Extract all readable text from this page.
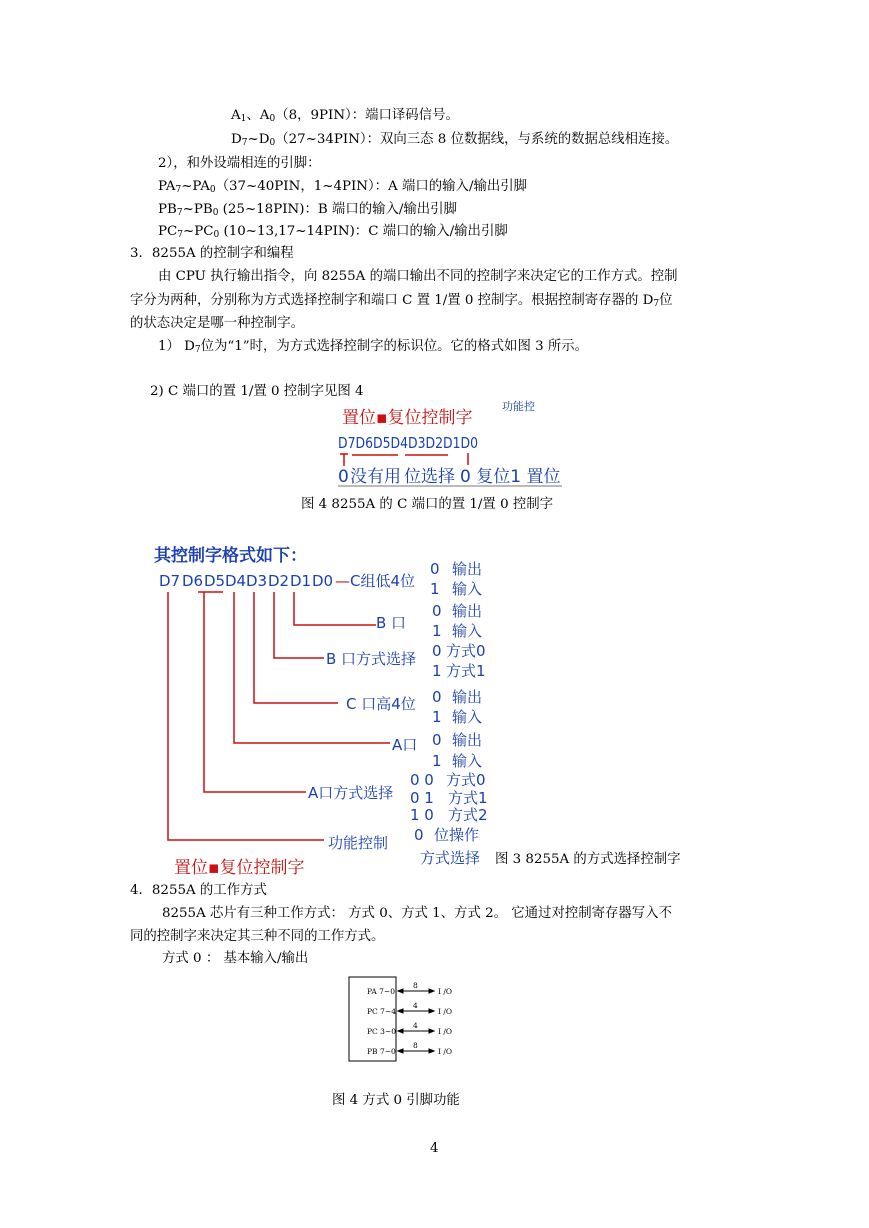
$A_1$、$A_0(8$，9PIN）：端口译码信号。
$D_7\sim D_0(27\sim 34PIN)$：双向三态 8 位数据线，与系统的数据总线相连接。
2），和外设端相连的引脚：
$PA_7\sim PA_0(37\sim 40PIN$，1~4PIN）：A 端口的输入/输出引脚
$PB_7\sim PB_0$ (25~18PIN)：B 端口的输入/输出引脚
$PC_7\sim PC_0$ (10~13,17~14PIN)：C 端口的输入/输出引脚
3．8255A 的控制字和编程
由 CPU 执行输出指令，向 8255A 的端口输出不同的控制字来决定它的工作方式。控制
字分为两种，分别称为方式选择控制字和端口 C 置 1/置 0 控制字。根据控制寄存器的 $D_7$位
的状态决定是哪一种控制字。
1） $D_7$位为“1”时，为方式选择控制字的标识位。它的格式如图 3 所示。
2) C 端口的置 1/置 0 控制字见图 4
置位▪复位控制字
功能控
D7D6D5D4D3D2D1D0
0 没有用 位选择 0 复位1 置位
图 4 8255A 的 C 端口的置 1/置 0 控制字
其控制字格式如下：
D7 D6 D5 D4 D3 D2 D1 D0 — C组低4位
B 口
B 口方式选择
C 口高4位
A口
A口方式选择
功能控制
0 输出
1 输入
0 输出
1 输入
0 方式0
1 方式1
0 输出
1 输入
0 输出
1 输入
0 0 方式0
0 1 方式1
1 0 方式2
0 位操作
方式选择
置位▪复位控制字	图 3 8255A 的方式选择控制字
4．8255A 的工作方式
8255A 芯片有三种工作方式： 方式 0、方式 1、方式 2。 它通过对控制寄存器写入不
同的控制字来决定其三种不同的工作方式。
方式 0 ： 基本输入/输出
PA 7~0
PC 7~4
PC 3~0
PB 7~0
8
4
4
8
I /O
I /O
I /O
I /O
图 4 方式 0 引脚功能
4
